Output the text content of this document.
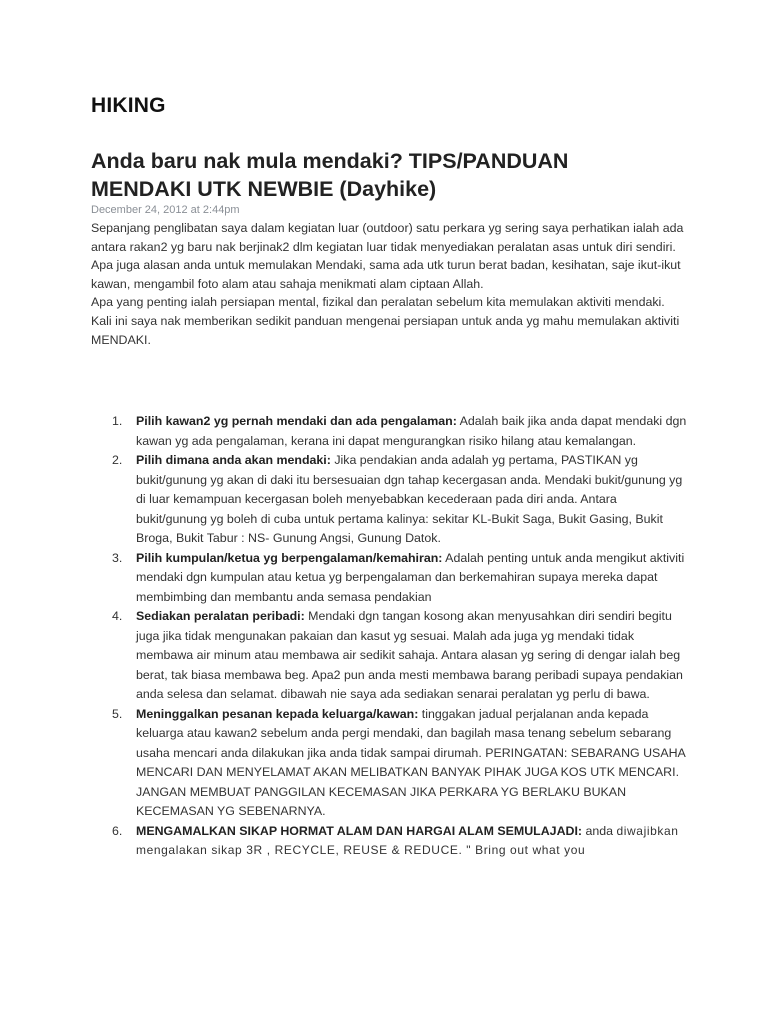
HIKING
Anda baru nak mula mendaki? TIPS/PANDUAN MENDAKI UTK NEWBIE (Dayhike)
December 24, 2012 at 2:44pm

Sepanjang penglibatan saya dalam kegiatan luar (outdoor) satu perkara yg sering saya perhatikan ialah ada antara rakan2 yg baru nak berjinak2 dlm kegiatan luar tidak menyediakan peralatan asas untuk diri sendiri.

Apa juga alasan anda untuk memulakan Mendaki, sama ada utk turun berat badan, kesihatan, saje ikut-ikut kawan, mengambil foto alam atau sahaja menikmati alam ciptaan Allah.

Apa yang penting ialah persiapan mental, fizikal dan peralatan sebelum kita memulakan aktiviti mendaki.

Kali ini saya nak memberikan sedikit panduan mengenai persiapan untuk anda yg mahu memulakan aktiviti MENDAKI.

1. Pilih kawan2 yg pernah mendaki dan ada pengalaman: Adalah baik jika anda dapat mendaki dgn kawan yg ada pengalaman, kerana ini dapat mengurangkan risiko hilang atau kemalangan.
2. Pilih dimana anda akan mendaki: Jika pendakian anda adalah yg pertama, PASTIKAN yg bukit/gunung yg akan di daki itu bersesuaian dgn tahap kecergasan anda. Mendaki bukit/gunung yg di luar kemampuan kecergasan boleh menyebabkan kecederaan pada diri anda. Antara bukit/gunung yg boleh di cuba untuk pertama kalinya: sekitar KL-Bukit Saga, Bukit Gasing, Bukit Broga, Bukit Tabur : NS- Gunung Angsi, Gunung Datok.
3. Pilih kumpulan/ketua yg berpengalaman/kemahiran: Adalah penting untuk anda mengikut aktiviti mendaki dgn kumpulan atau ketua yg berpengalaman dan berkemahiran supaya mereka dapat membimbing dan membantu anda semasa pendakian
4. Sediakan peralatan peribadi: Mendaki dgn tangan kosong akan menyusahkan diri sendiri begitu juga jika tidak mengunakan pakaian dan kasut yg sesuai. Malah ada juga yg mendaki tidak membawa air minum atau membawa air sedikit sahaja. Antara alasan yg sering di dengar ialah beg berat, tak biasa membawa beg. Apa2 pun anda mesti membawa barang peribadi supaya pendakian anda selesa dan selamat. dibawah nie saya ada sediakan senarai peralatan yg perlu di bawa.
5. Meninggalkan pesanan kepada keluarga/kawan: tinggakan jadual perjalanan anda kepada keluarga atau kawan2 sebelum anda pergi mendaki, dan bagilah masa tenang sebelum sebarang usaha mencari anda dilakukan jika anda tidak sampai dirumah. PERINGATAN: SEBARANG USAHA MENCARI DAN MENYELAMAT AKAN MELIBATKAN BANYAK PIHAK JUGA KOS UTK MENCARI. JANGAN MEMBUAT PANGGILAN KECEMASAN JIKA PERKARA YG BERLAKU BUKAN KECEMASAN YG SEBENARNYA.
6. MENGAMALKAN SIKAP HORMAT ALAM DAN HARGAI ALAM SEMULAJADI: anda diwajibkan mengalakan sikap 3R , RECYCLE, REUSE & REDUCE. " Bring out what you
